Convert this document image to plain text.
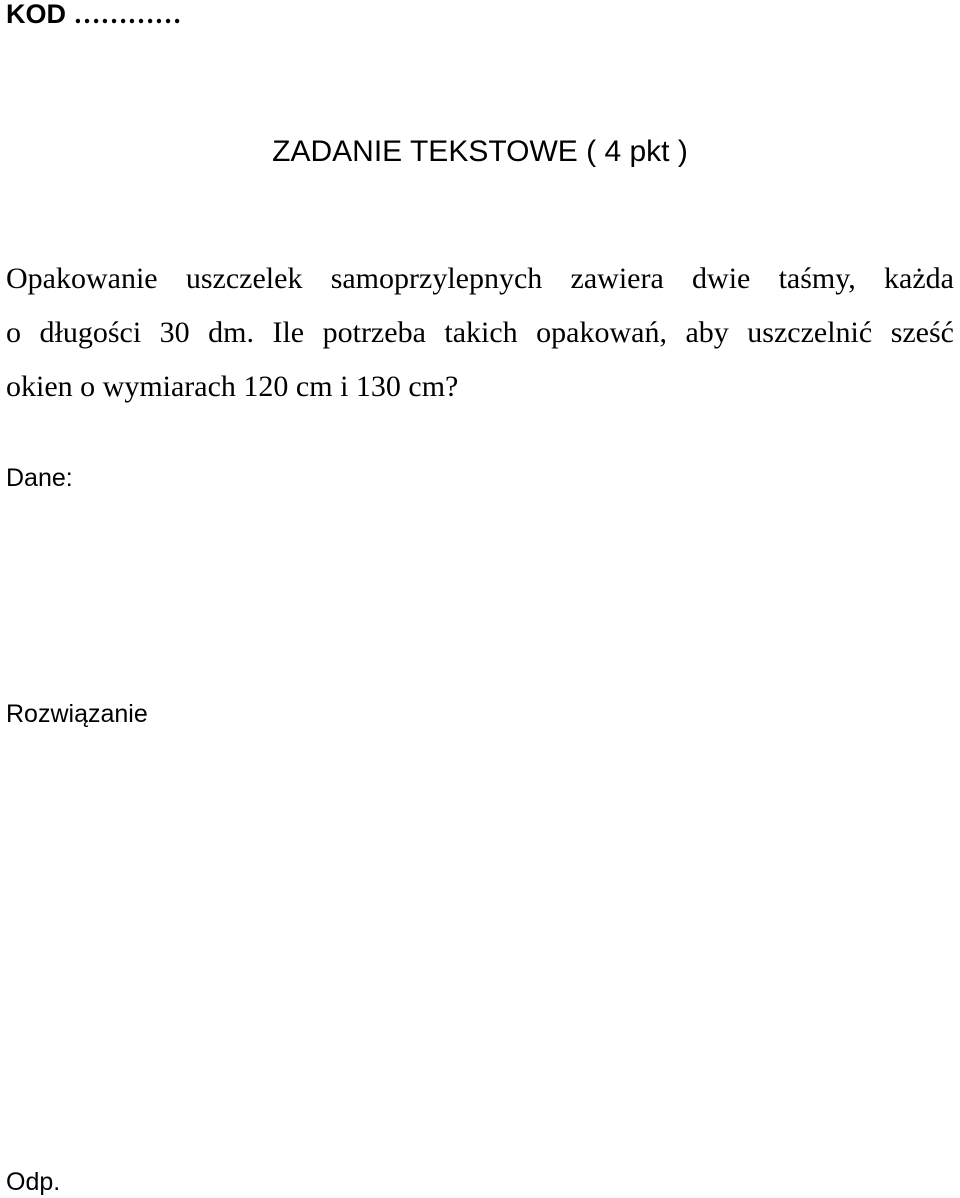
KOD …………
ZADANIE TEKSTOWE ( 4 pkt )
Opakowanie uszczelek samoprzylepnych zawiera dwie taśmy, każda
o długości 30 dm. Ile potrzeba takich opakowań, aby uszczelnić sześć
okien o wymiarach 120 cm i 130 cm?
Dane:
Rozwiązanie
Odp.
